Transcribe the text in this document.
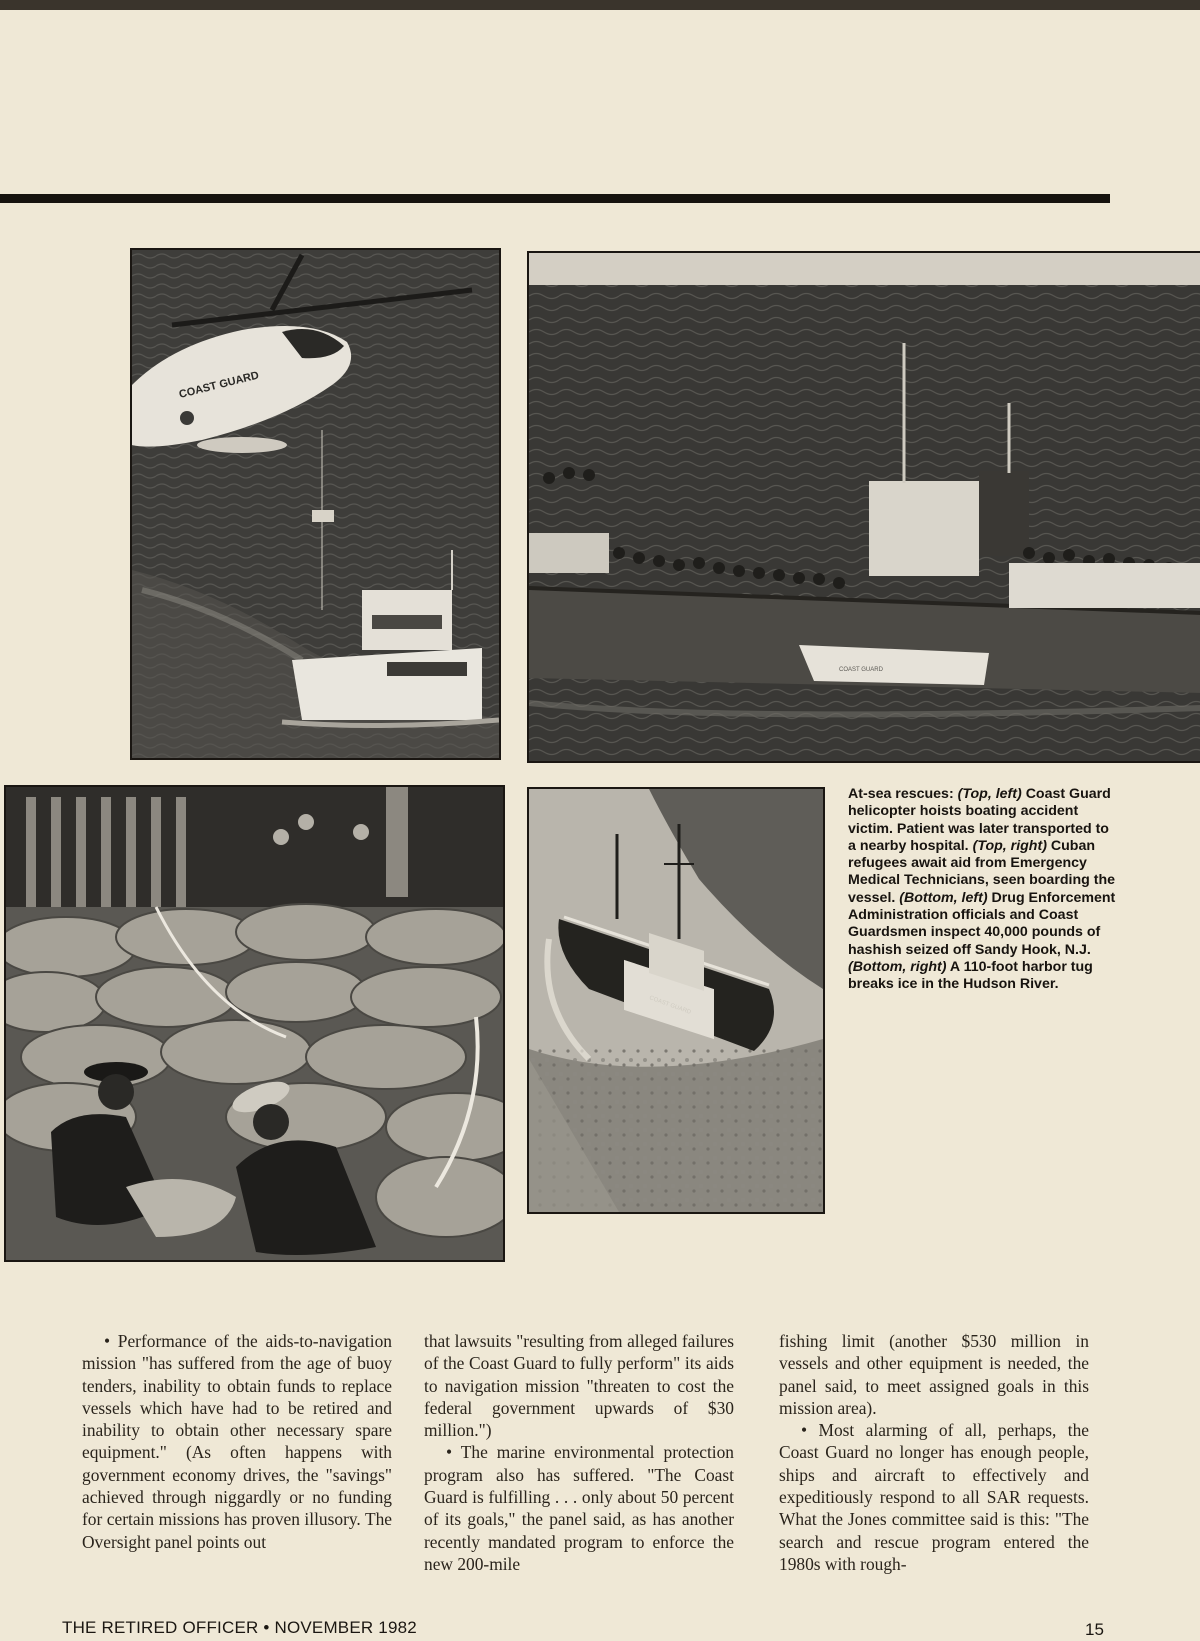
COAST GUARD
COAST GUARD
COAST GUARD

At-sea rescues: (Top, left) Coast Guard helicopter hoists boating accident victim. Patient was later transported to a nearby hospital. (Top, right) Cuban refugees await aid from Emergency Medical Technicians, seen boarding the vessel. (Bottom, left) Drug Enforcement Administration officials and Coast Guardsmen inspect 40,000 pounds of hashish seized off Sandy Hook, N.J. (Bottom, right) A 110-foot harbor tug breaks ice in the Hudson River.

• Performance of the aids-to-navigation mission "has suffered from the age of buoy tenders, inability to obtain funds to replace vessels which have had to be retired and inability to obtain other necessary spare equipment." (As often happens with government economy drives, the "savings" achieved through niggardly or no funding for certain missions has proven illusory. The Oversight panel points out

that lawsuits "resulting from alleged failures of the Coast Guard to fully perform" its aids to navigation mission "threaten to cost the federal government upwards of $30 million.")

• The marine environmental protection program also has suffered. "The Coast Guard is fulfilling . . . only about 50 percent of its goals," the panel said, as has another recently mandated program to enforce the new 200-mile

fishing limit (another $530 million in vessels and other equipment is needed, the panel said, to meet assigned goals in this mission area).

• Most alarming of all, perhaps, the Coast Guard no longer has enough people, ships and aircraft to effectively and expeditiously respond to all SAR requests. What the Jones committee said is this: "The search and rescue program entered the 1980s with rough-

THE RETIRED OFFICER • NOVEMBER 1982	15
